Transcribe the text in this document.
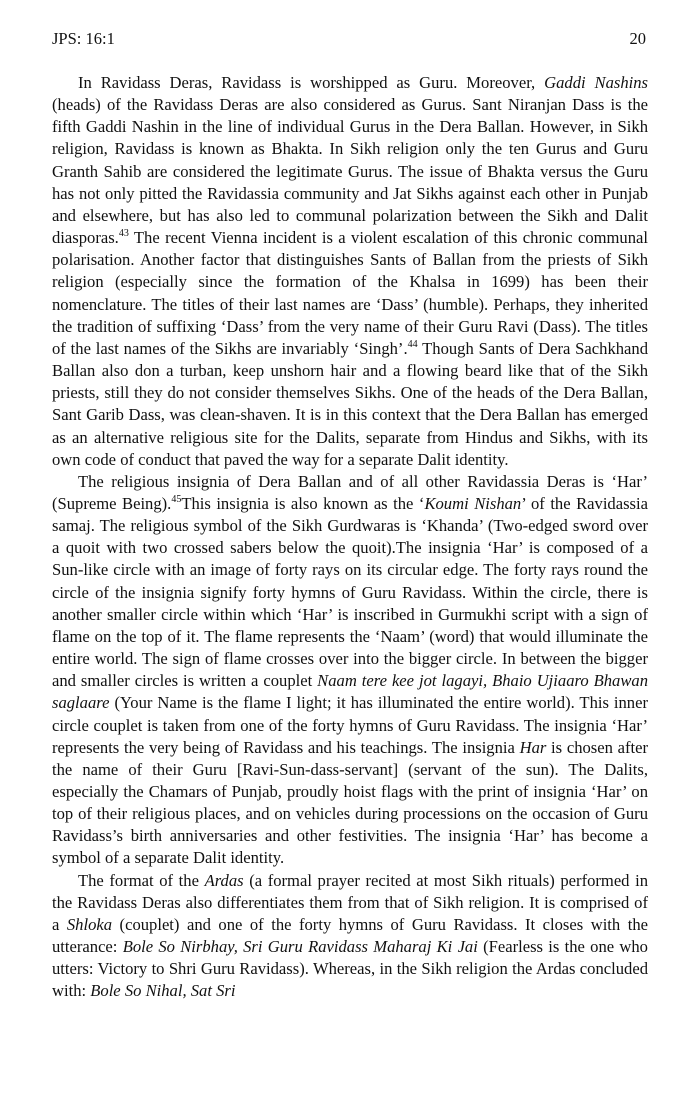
JPS: 16:1	20

In Ravidass Deras, Ravidass is worshipped as Guru. Moreover, Gaddi Nashins (heads) of the Ravidass Deras are also considered as Gurus. Sant Niranjan Dass is the fifth Gaddi Nashin in the line of individual Gurus in the Dera Ballan. However, in Sikh religion, Ravidass is known as Bhakta. In Sikh religion only the ten Gurus and Guru Granth Sahib are considered the legitimate Gurus. The issue of Bhakta versus the Guru has not only pitted the Ravidassia community and Jat Sikhs against each other in Punjab and elsewhere, but has also led to communal polarization between the Sikh and Dalit diasporas.$^{43}$ The recent Vienna incident is a violent escalation of this chronic communal polarisation. Another factor that distinguishes Sants of Ballan from the priests of Sikh religion (especially since the formation of the Khalsa in 1699) has been their nomenclature. The titles of their last names are ‘Dass’ (humble). Perhaps, they inherited the tradition of suffixing ‘Dass’ from the very name of their Guru Ravi (Dass). The titles of the last names of the Sikhs are invariably ‘Singh’.$^{44}$ Though Sants of Dera Sachkhand Ballan also don a turban, keep unshorn hair and a flowing beard like that of the Sikh priests, still they do not consider themselves Sikhs. One of the heads of the Dera Ballan, Sant Garib Dass, was clean-shaven. It is in this context that the Dera Ballan has emerged as an alternative religious site for the Dalits, separate from Hindus and Sikhs, with its own code of conduct that paved the way for a separate Dalit identity.

The religious insignia of Dera Ballan and of all other Ravidassia Deras is ‘Har’ (Supreme Being).$^{45}$This insignia is also known as the ‘Koumi Nishan’ of the Ravidassia samaj. The religious symbol of the Sikh Gurdwaras is ‘Khanda’ (Two-edged sword over a quoit with two crossed sabers below the quoit).The insignia ‘Har’ is composed of a Sun-like circle with an image of forty rays on its circular edge. The forty rays round the circle of the insignia signify forty hymns of Guru Ravidass. Within the circle, there is another smaller circle within which ‘Har’ is inscribed in Gurmukhi script with a sign of flame on the top of it. The flame represents the ‘Naam’ (word) that would illuminate the entire world. The sign of flame crosses over into the bigger circle. In between the bigger and smaller circles is written a couplet Naam tere kee jot lagayi, Bhaio Ujiaaro Bhawan saglaare (Your Name is the flame I light; it has illuminated the entire world). This inner circle couplet is taken from one of the forty hymns of Guru Ravidass. The insignia ‘Har’ represents the very being of Ravidass and his teachings. The insignia Har is chosen after the name of their Guru [Ravi-Sun-dass-servant] (servant of the sun). The Dalits, especially the Chamars of Punjab, proudly hoist flags with the print of insignia ‘Har’ on top of their religious places, and on vehicles during processions on the occasion of Guru Ravidass’s birth anniversaries and other festivities. The insignia ‘Har’ has become a symbol of a separate Dalit identity.

The format of the Ardas (a formal prayer recited at most Sikh rituals) performed in the Ravidass Deras also differentiates them from that of Sikh religion. It is comprised of a Shloka (couplet) and one of the forty hymns of Guru Ravidass. It closes with the utterance: Bole So Nirbhay, Sri Guru Ravidass Maharaj Ki Jai (Fearless is the one who utters: Victory to Shri Guru Ravidass). Whereas, in the Sikh religion the Ardas concluded with: Bole So Nihal, Sat Sri
